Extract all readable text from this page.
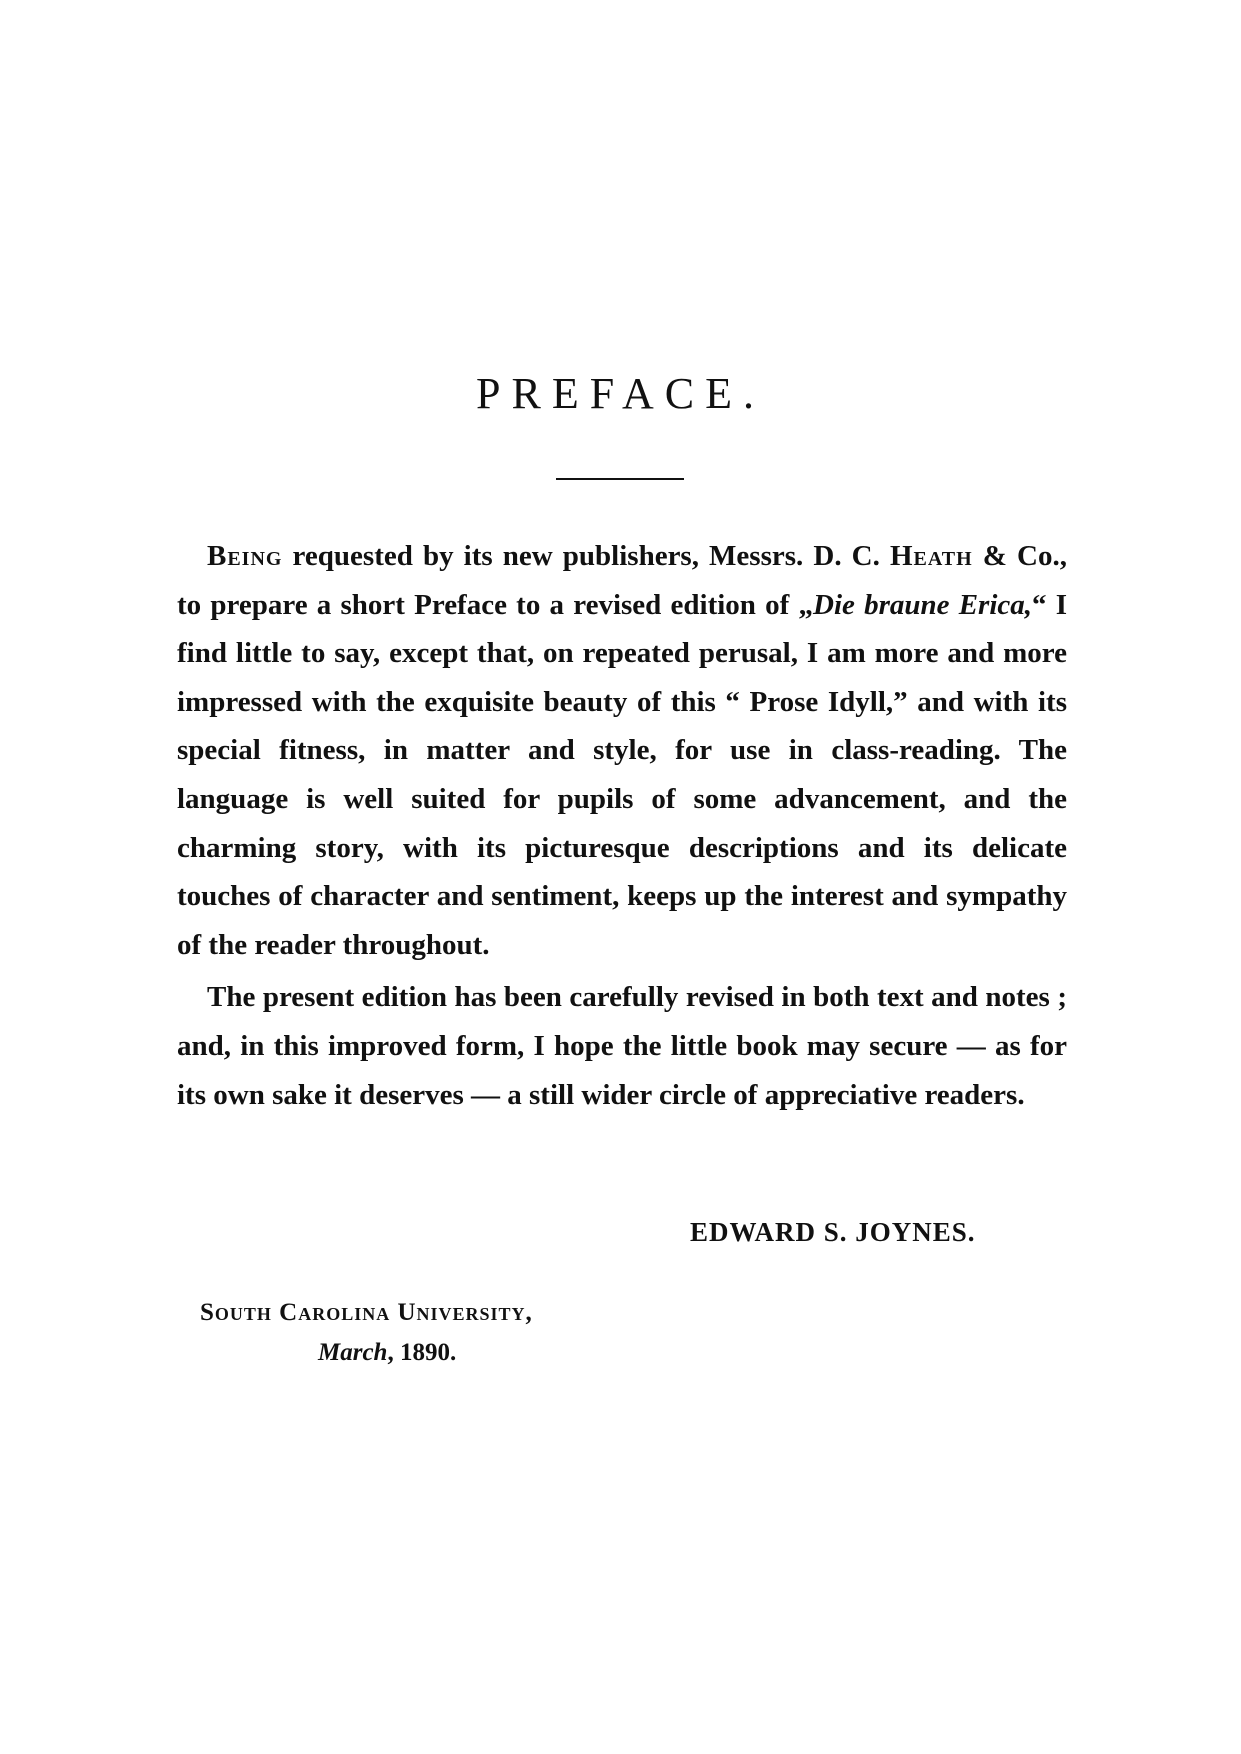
PREFACE.

Being requested by its new publishers, Messrs. D. C. Heath & Co., to prepare a short Preface to a revised edition of „Die braune Erica,“ I find little to say, except that, on repeated perusal, I am more and more impressed with the exquisite beauty of this “ Prose Idyll,” and with its special fitness, in matter and style, for use in class-reading. The language is well suited for pupils of some advancement, and the charming story, with its picturesque descriptions and its delicate touches of character and sentiment, keeps up the interest and sympathy of the reader throughout.

The present edition has been carefully revised in both text and notes ; and, in this improved form, I hope the little book may secure — as for its own sake it deserves — a still wider circle of appreciative readers.

EDWARD S. JOYNES.
South Carolina University,
March, 1890.
